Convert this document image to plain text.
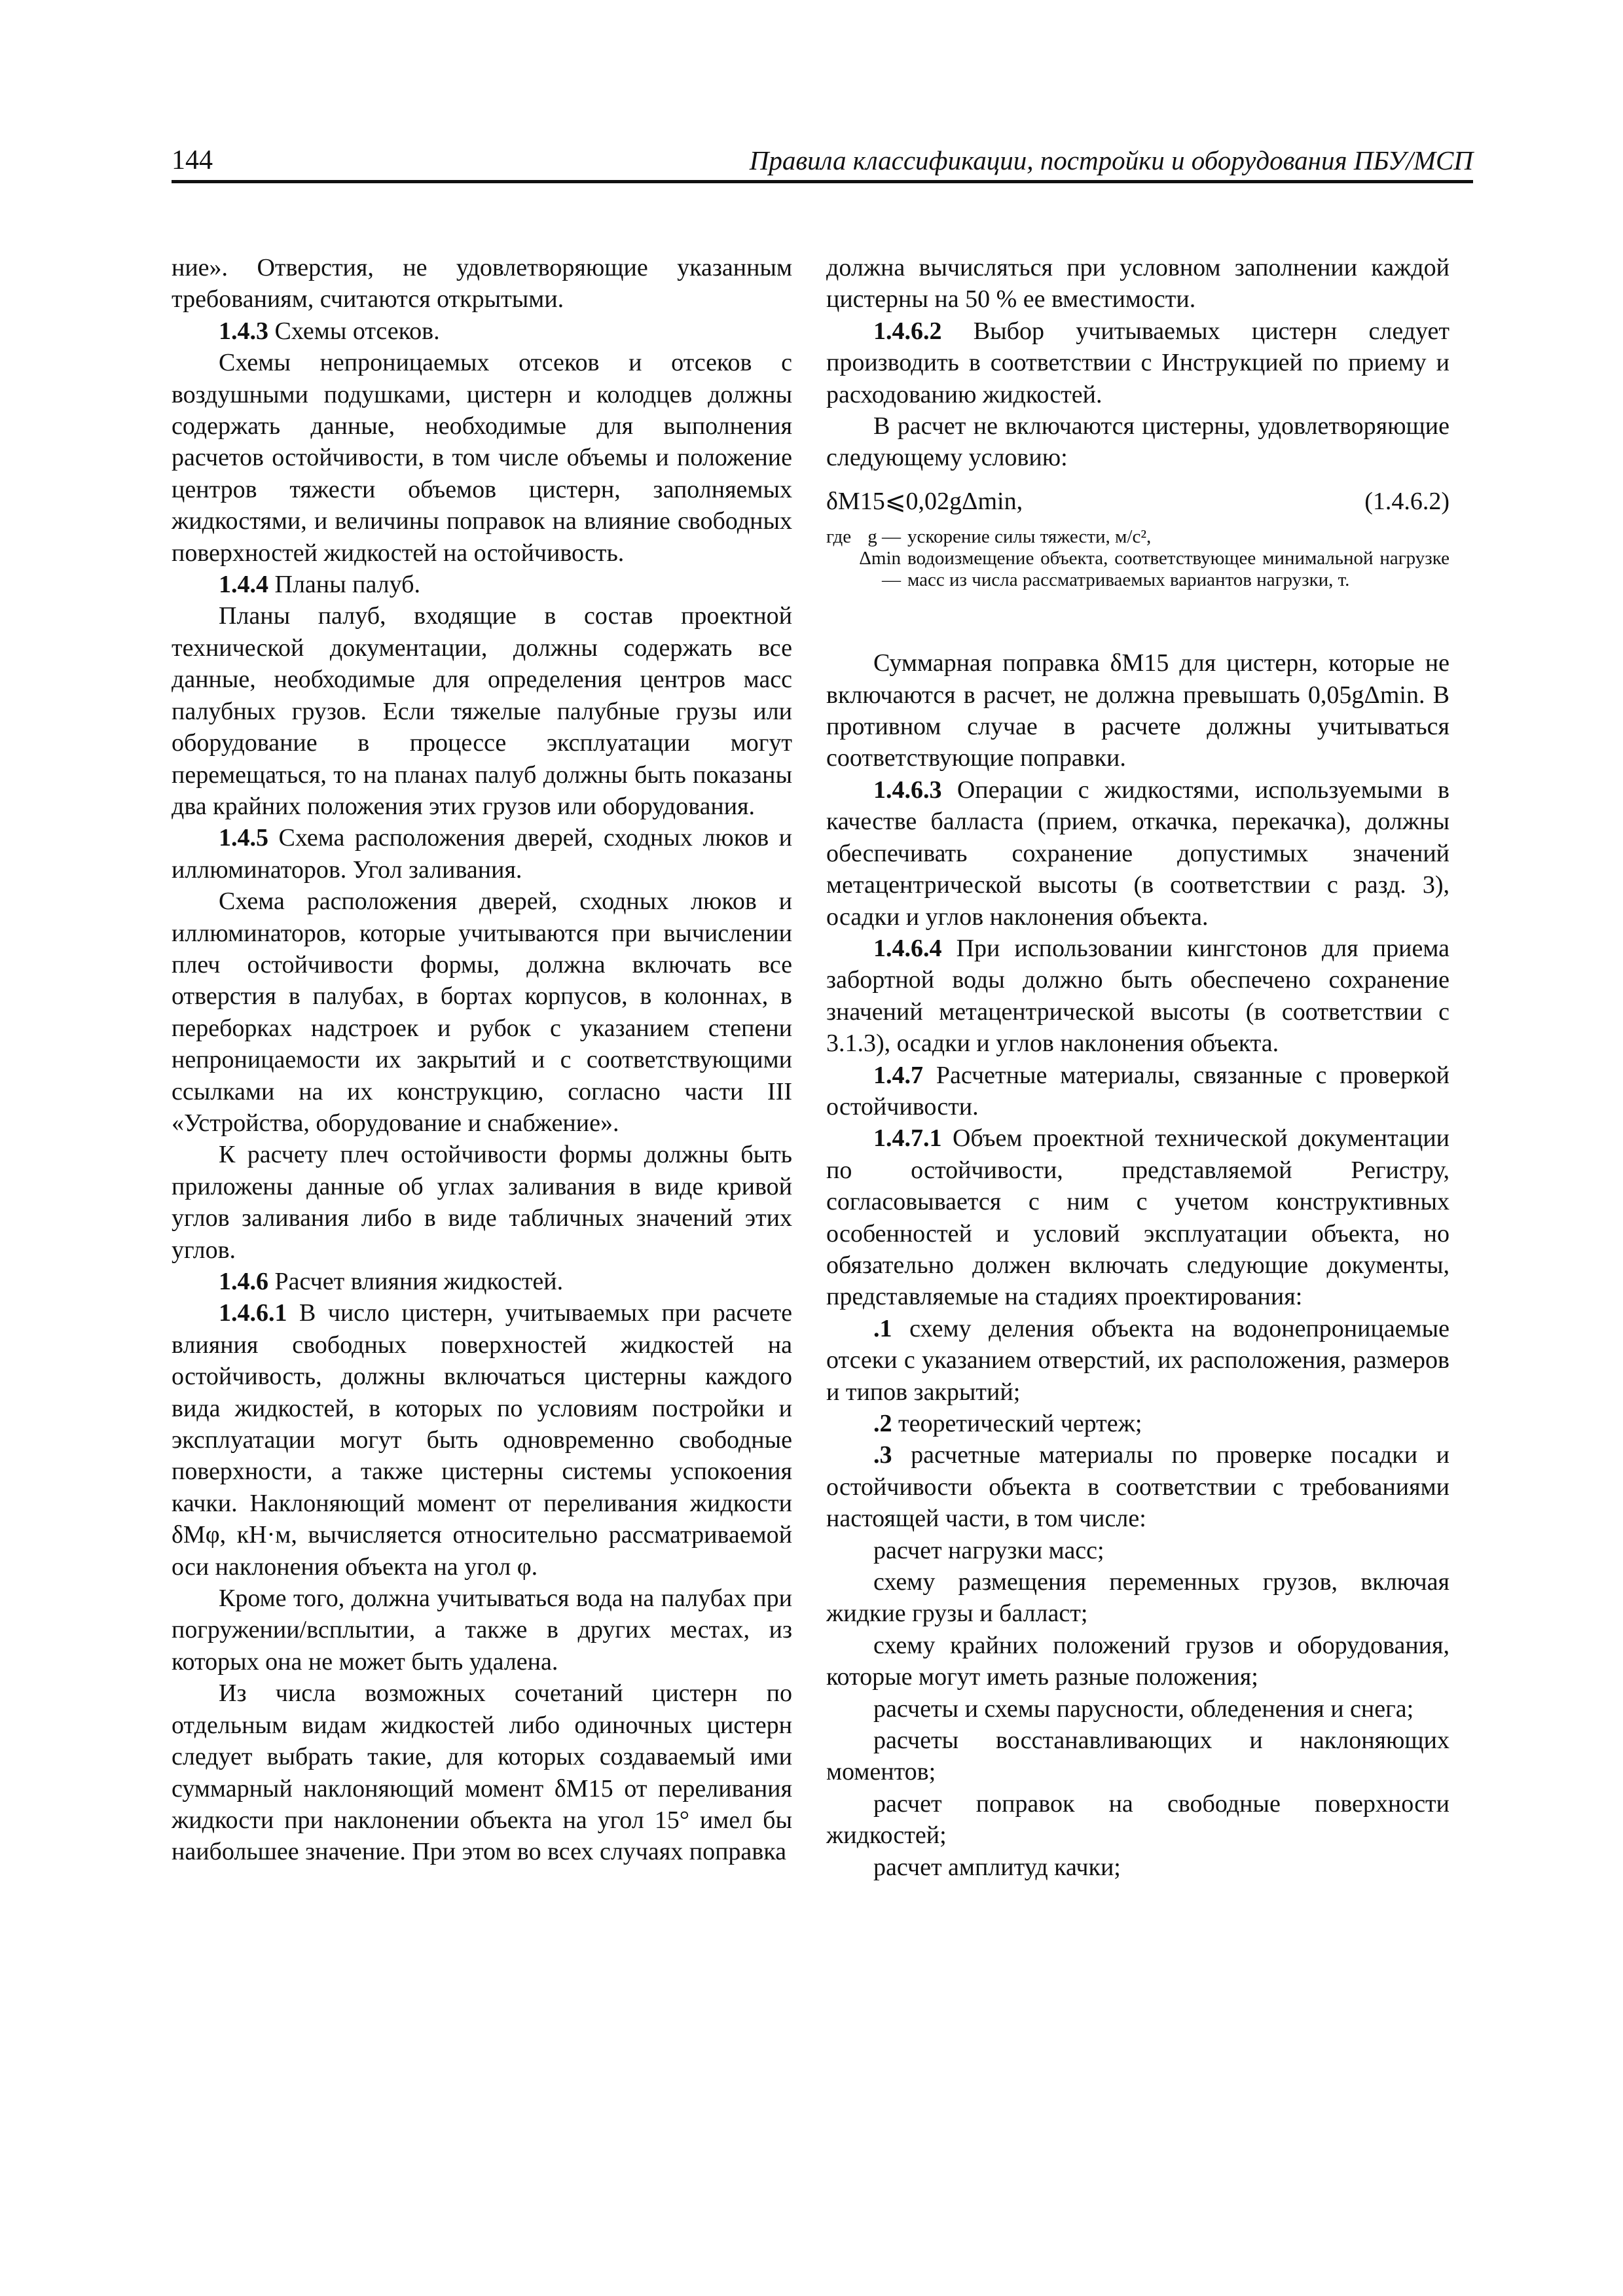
144	Правила классификации, постройки и оборудования ПБУ/МСП

ние». Отверстия, не удовлетворяющие указанным требованиям, считаются открытыми.

1.4.3 Схемы отсеков.

Схемы непроницаемых отсеков и отсеков с воздушными подушками, цистерн и колодцев должны содержать данные, необходимые для выполнения расчетов остойчивости, в том числе объемы и положение центров тяжести объемов цистерн, заполняемых жидкостями, и величины поправок на влияние свободных поверхностей жидкостей на остойчивость.

1.4.4 Планы палуб.

Планы палуб, входящие в состав проектной технической документации, должны содержать все данные, необходимые для определения центров масс палубных грузов. Если тяжелые палубные грузы или оборудование в процессе эксплуатации могут перемещаться, то на планах палуб должны быть показаны два крайних положения этих грузов или оборудования.

1.4.5 Схема расположения дверей, сходных люков и иллюминаторов. Угол заливания.

Схема расположения дверей, сходных люков и иллюминаторов, которые учитываются при вычислении плеч остойчивости формы, должна включать все отверстия в палубах, в бортах корпусов, в колоннах, в переборках надстроек и рубок с указанием степени непроницаемости их закрытий и с соответствующими ссылками на их конструкцию, согласно части III «Устройства, оборудование и снабжение».

К расчету плеч остойчивости формы должны быть приложены данные об углах заливания в виде кривой углов заливания либо в виде табличных значений этих углов.

1.4.6 Расчет влияния жидкостей.

1.4.6.1 В число цистерн, учитываемых при расчете влияния свободных поверхностей жидкостей на остойчивость, должны включаться цистерны каждого вида жидкостей, в которых по условиям постройки и эксплуатации могут быть одновременно свободные поверхности, а также цистерны системы успокоения качки. Наклоняющий момент от переливания жидкости δMφ, кН·м, вычисляется относительно рассматриваемой оси наклонения объекта на угол φ.

Кроме того, должна учитываться вода на палубах при погружении/всплытии, а также в других местах, из которых она не может быть удалена.

Из числа возможных сочетаний цистерн по отдельным видам жидкостей либо одиночных цистерн следует выбрать такие, для которых создаваемый ими суммарный наклоняющий момент δM15 от переливания жидкости при наклонении объекта на угол 15° имел бы наибольшее значение. При этом во всех случаях поправка

должна вычисляться при условном заполнении каждой цистерны на 50 % ее вместимости.

1.4.6.2 Выбор учитываемых цистерн следует производить в соответствии с Инструкцией по приему и расходованию жидкостей.

В расчет не включаются цистерны, удовлетворяющие следующему условию:

δM15⩽0,02gΔmin,	(1.4.6.2)
где g — ускорение силы тяжести, м/с²,
Δmin —
водоизмещение объекта, соответствующее минимальной нагрузке масс из числа рассматриваемых вариантов нагрузки, т.

Суммарная поправка δM15 для цистерн, которые не включаются в расчет, не должна превышать 0,05gΔmin. В противном случае в расчете должны учитываться соответствующие поправки.

1.4.6.3 Операции с жидкостями, используемыми в качестве балласта (прием, откачка, перекачка), должны обеспечивать сохранение допустимых значений метацентрической высоты (в соответствии с разд. 3), осадки и углов наклонения объекта.

1.4.6.4 При использовании кингстонов для приема забортной воды должно быть обеспечено сохранение значений метацентрической высоты (в соответствии с 3.1.3), осадки и углов наклонения объекта.

1.4.7 Расчетные материалы, связанные с проверкой остойчивости.

1.4.7.1 Объем проектной технической документации по остойчивости, представляемой Регистру, согласовывается с ним с учетом конструктивных особенностей и условий эксплуатации объекта, но обязательно должен включать следующие документы, представляемые на стадиях проектирования:

.1 схему деления объекта на водонепроницаемые отсеки с указанием отверстий, их расположения, размеров и типов закрытий;

.2 теоретический чертеж;

.3 расчетные материалы по проверке посадки и остойчивости объекта в соответствии с требованиями настоящей части, в том числе:

расчет нагрузки масс;

схему размещения переменных грузов, включая жидкие грузы и балласт;

схему крайних положений грузов и оборудования, которые могут иметь разные положения;

расчеты и схемы парусности, обледенения и снега;

расчеты восстанавливающих и наклоняющих моментов;

расчет поправок на свободные поверхности жидкостей;

расчет амплитуд качки;
